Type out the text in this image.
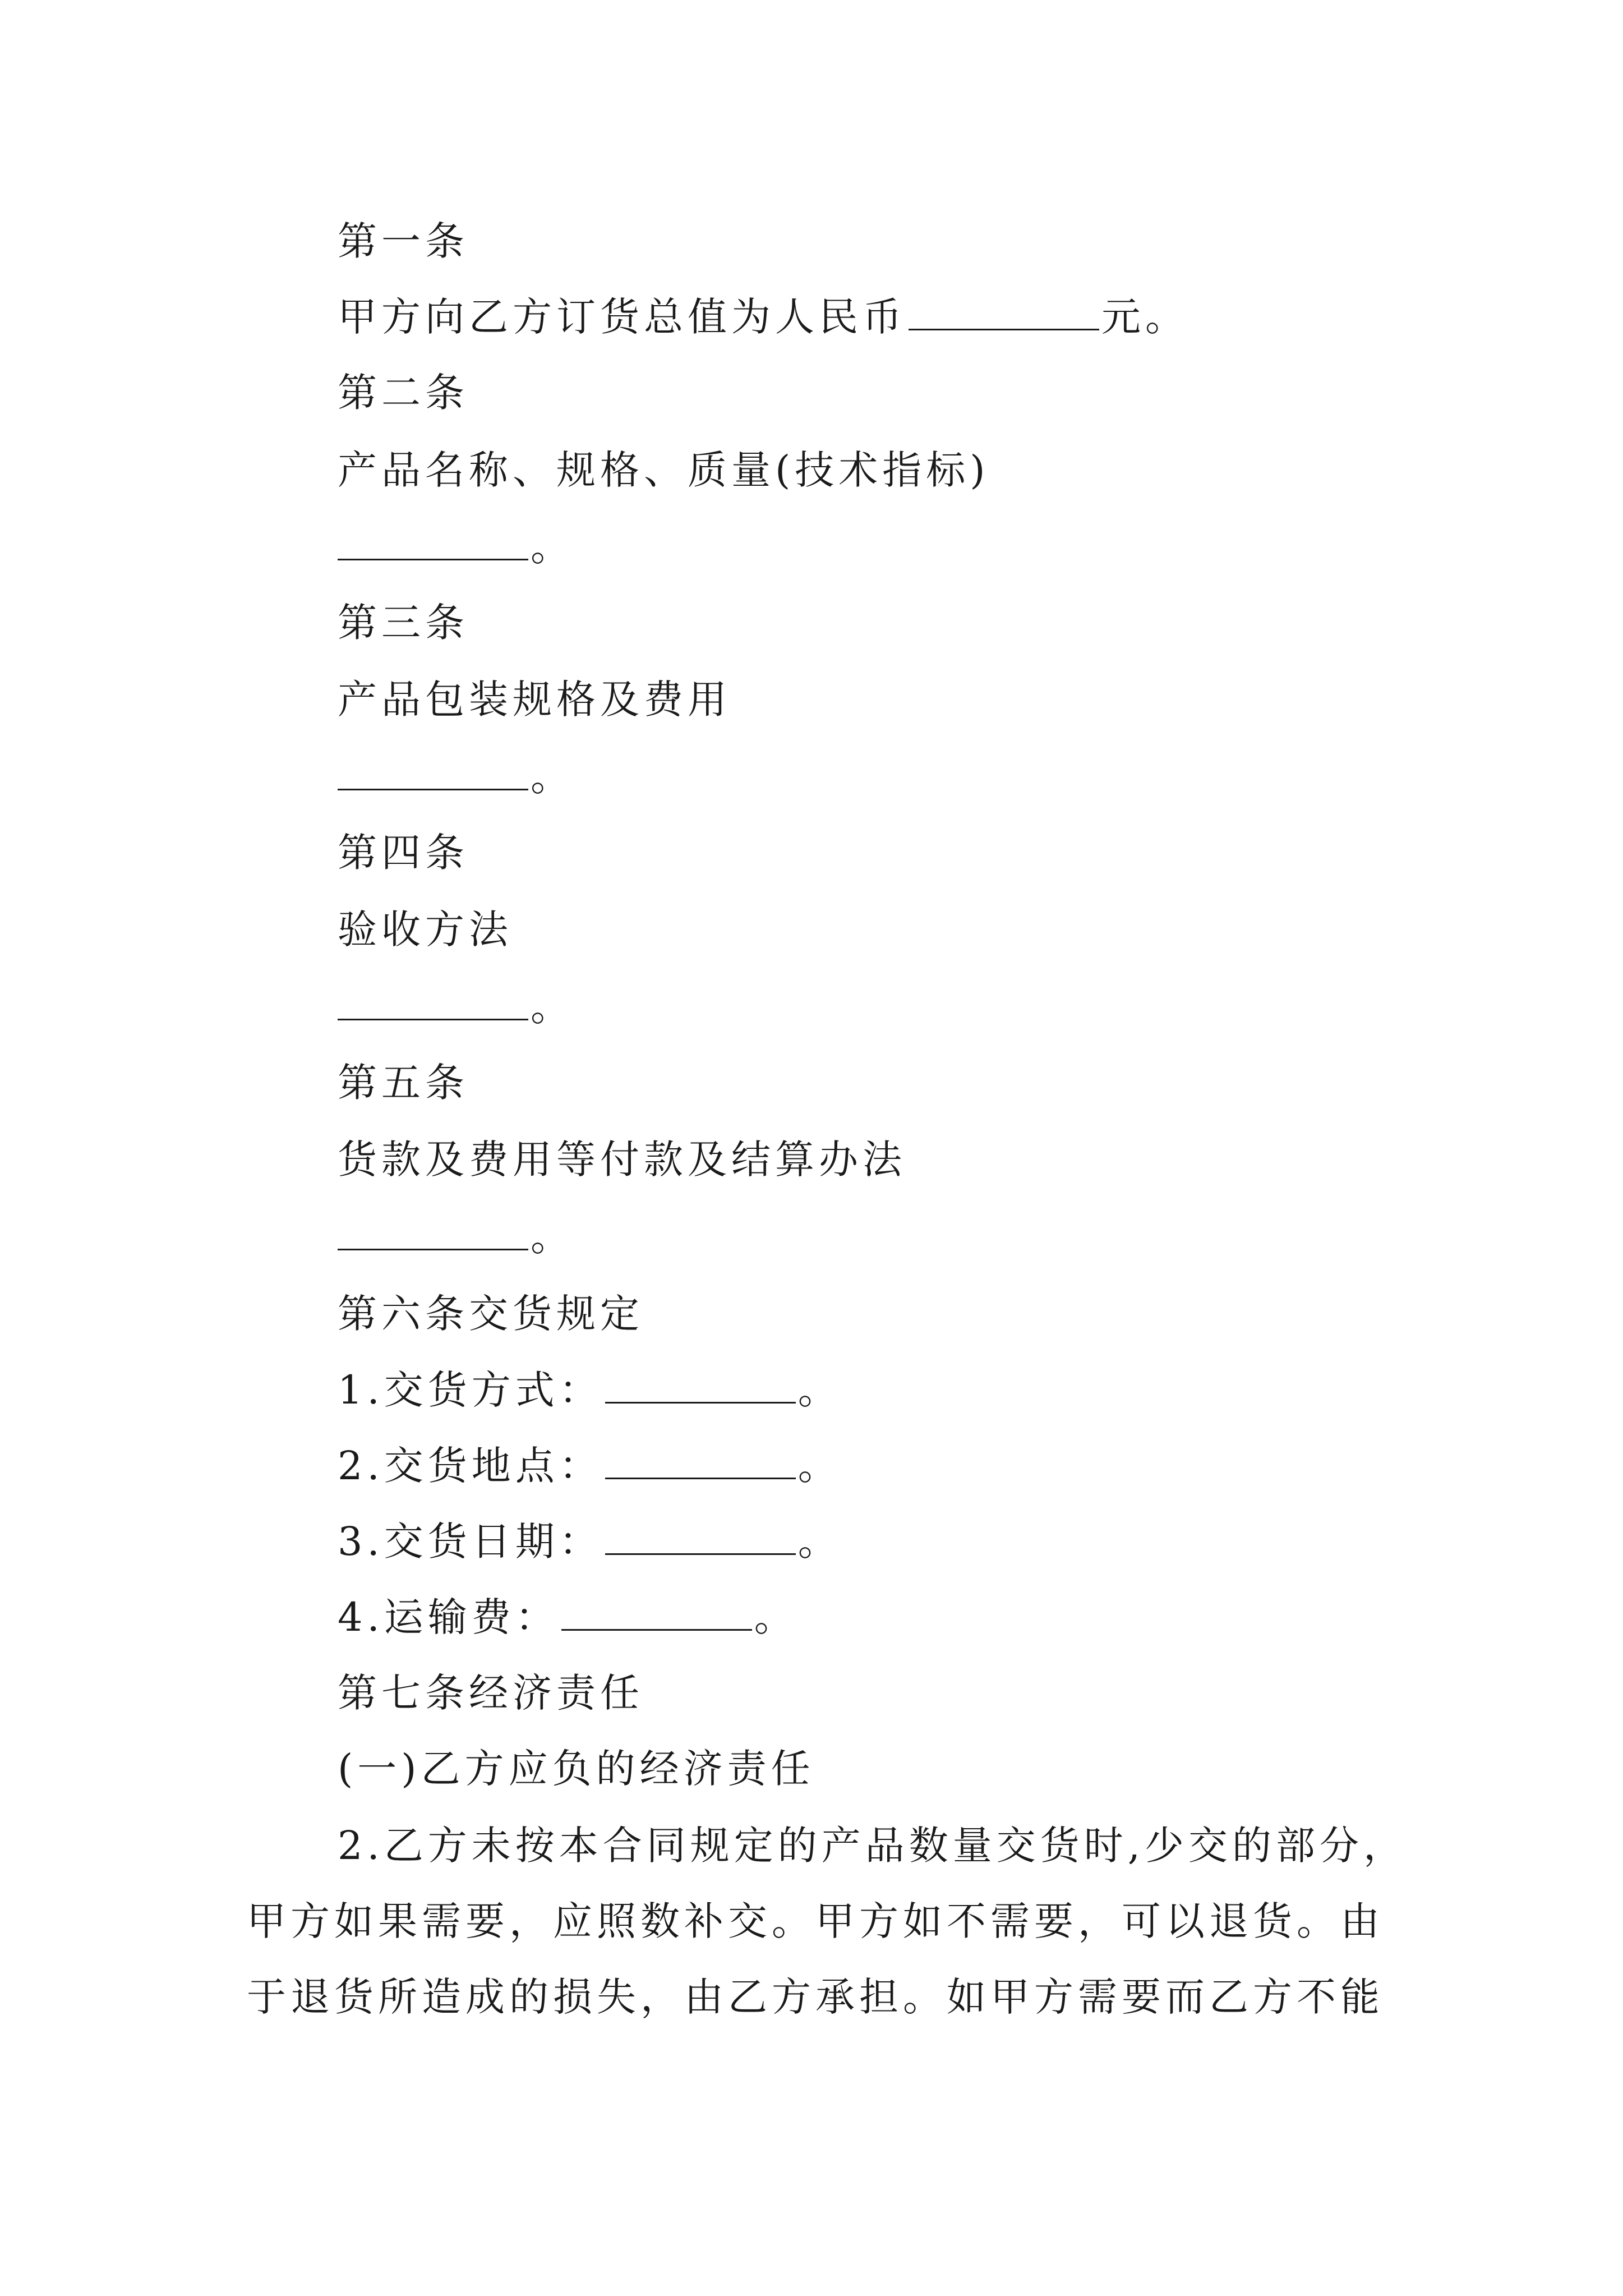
第一条
甲方向乙方订货总值为人民币	元。
第二条
产品名称、规格、质量(技术指标)
。
第三条
产品包装规格及费用
。
第四条
验收方法
。
第五条
货款及费用等付款及结算办法
。
第六条交货规定
1.交货方式：	。
2.交货地点：	。
3.交货日期：	。
4.运输费：	。
第七条经济责任
(一)乙方应负的经济责任
2.乙方未按本合同规定的产品数量交货时,少交的部分，
甲方如果需要，应照数补交。甲方如不需要，可以退货。由
于退货所造成的损失，由乙方承担。如甲方需要而乙方不能
